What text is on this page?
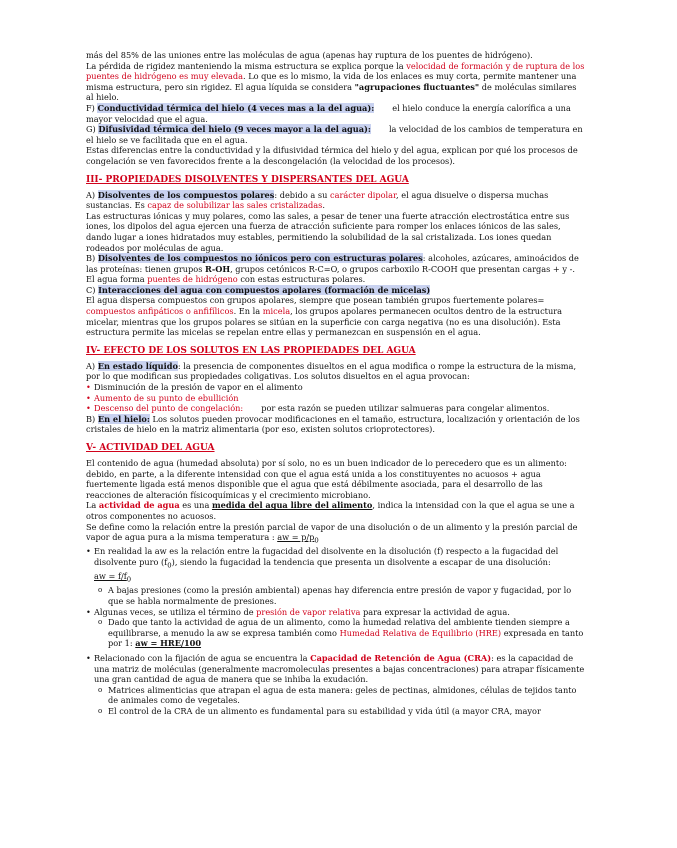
más del 85% de las uniones entre las moléculas de agua (apenas hay ruptura de los puentes de hidrógeno).

La pérdida de rigidez manteniendo la misma estructura se explica porque la velocidad de formación y de ruptura de los puentes de hidrógeno es muy elevada. Lo que es lo mismo, la vida de los enlaces es muy corta, permite mantener una misma estructura, pero sin rigidez. El agua líquida se considera "agrupaciones fluctuantes" de moléculas similares al hielo.

F) Conductividad térmica del hielo (4 veces mas a la del agua): el hielo conduce la energía calorífica a una mayor velocidad que el agua.

G) Difusividad térmica del hielo (9 veces mayor a la del agua): la velocidad de los cambios de temperatura en el hielo se ve facilitada que en el agua.

Estas diferencias entre la conductividad y la difusividad térmica del hielo y del agua, explican por qué los procesos de congelación se ven favorecidos frente a la descongelación (la velocidad de los procesos).

III- PROPIEDADES DISOLVENTES Y DISPERSANTES DEL AGUA

A) Disolventes de los compuestos polares: debido a su carácter dipolar, el agua disuelve o dispersa muchas sustancias. Es capaz de solubilizar las sales cristalizadas.

Las estructuras iónicas y muy polares, como las sales, a pesar de tener una fuerte atracción electrostática entre sus iones, los dipolos del agua ejercen una fuerza de atracción suficiente para romper los enlaces iónicos de las sales, dando lugar a iones hidratados muy estables, permitiendo la solubilidad de la sal cristalizada. Los iones quedan rodeados por moléculas de agua.

B) Disolventes de los compuestos no iónicos pero con estructuras polares: alcoholes, azúcares, aminoácidos de las proteínas: tienen grupos R-OH, grupos cetónicos R-C=O, o grupos carboxilo R-COOH que presentan cargas + y -. El agua forma puentes de hidrógeno con estas estructuras polares.

C) Interacciones del agua con compuestos apolares (formación de micelas)

El agua dispersa compuestos con grupos apolares, siempre que posean también grupos fuertemente polares= compuestos anfipáticos o anfifílicos. En la micela, los grupos apolares permanecen ocultos dentro de la estructura micelar, mientras que los grupos polares se sitúan en la superficie con carga negativa (no es una disolución). Esta estructura permite las micelas se repelan entre ellas y permanezcan en suspensión en el agua.

IV- EFECTO DE LOS SOLUTOS EN LAS PROPIEDADES DEL AGUA

A) En estado líquido: la presencia de componentes disueltos en el agua modifica o rompe la estructura de la misma, por lo que modifican sus propiedades coligativas. Los solutos disueltos en el agua provocan:

• Disminución de la presión de vapor en el alimento

• Aumento de su punto de ebullición

• Descenso del punto de congelación: por esta razón se pueden utilizar salmueras para congelar alimentos.

B) En el hielo: Los solutos pueden provocar modificaciones en el tamaño, estructura, localización y orientación de los cristales de hielo en la matriz alimentaria (por eso, existen solutos crioprotectores).

V- ACTIVIDAD DEL AGUA

El contenido de agua (humedad absoluta) por sí solo, no es un buen indicador de lo perecedero que es un alimento: debido, en parte, a la diferente intensidad con que el agua está unida a los constituyentes no acuosos + agua fuertemente ligada está menos disponible que el agua que está débilmente asociada, para el desarrollo de las reacciones de alteración físicoquímicas y el crecimiento microbiano.

La actividad de agua es una medida del agua libre del alimento, indica la intensidad con la que el agua se une a otros componentes no acuosos.

Se define como la relación entre la presión parcial de vapor de una disolución o de un alimento y la presión parcial de vapor de agua pura a la misma temperatura : aw = $p/p_0$

• En realidad la aw es la relación entre la fugacidad del disolvente en la disolución (f) respecto a la fugacidad del disolvente puro $(f_0)$, siendo la fugacidad la tendencia que presenta un disolvente a escapar de una disolución:

aw = $f/f_0$

o A bajas presiones (como la presión ambiental) apenas hay diferencia entre presión de vapor y fugacidad, por lo que se habla normalmente de presiones.

• Algunas veces, se utiliza el término de presión de vapor relativa para expresar la actividad de agua.

o Dado que tanto la actividad de agua de un alimento, como la humedad relativa del ambiente tienden siempre a equilibrarse, a menudo la aw se expresa también como Humedad Relativa de Equilibrio (HRE) expresada en tanto por 1: aw = HRE/100

• Relacionado con la fijación de agua se encuentra la Capacidad de Retención de Agua (CRA): es la capacidad de una matriz de moléculas (generalmente macromoleculas presentes a bajas concentraciones) para atrapar físicamente una gran cantidad de agua de manera que se inhiba la exudación.

o Matrices alimenticias que atrapan el agua de esta manera: geles de pectinas, almidones, células de tejidos tanto de animales como de vegetales.

o El control de la CRA de un alimento es fundamental para su estabilidad y vida útil (a mayor CRA, mayor
